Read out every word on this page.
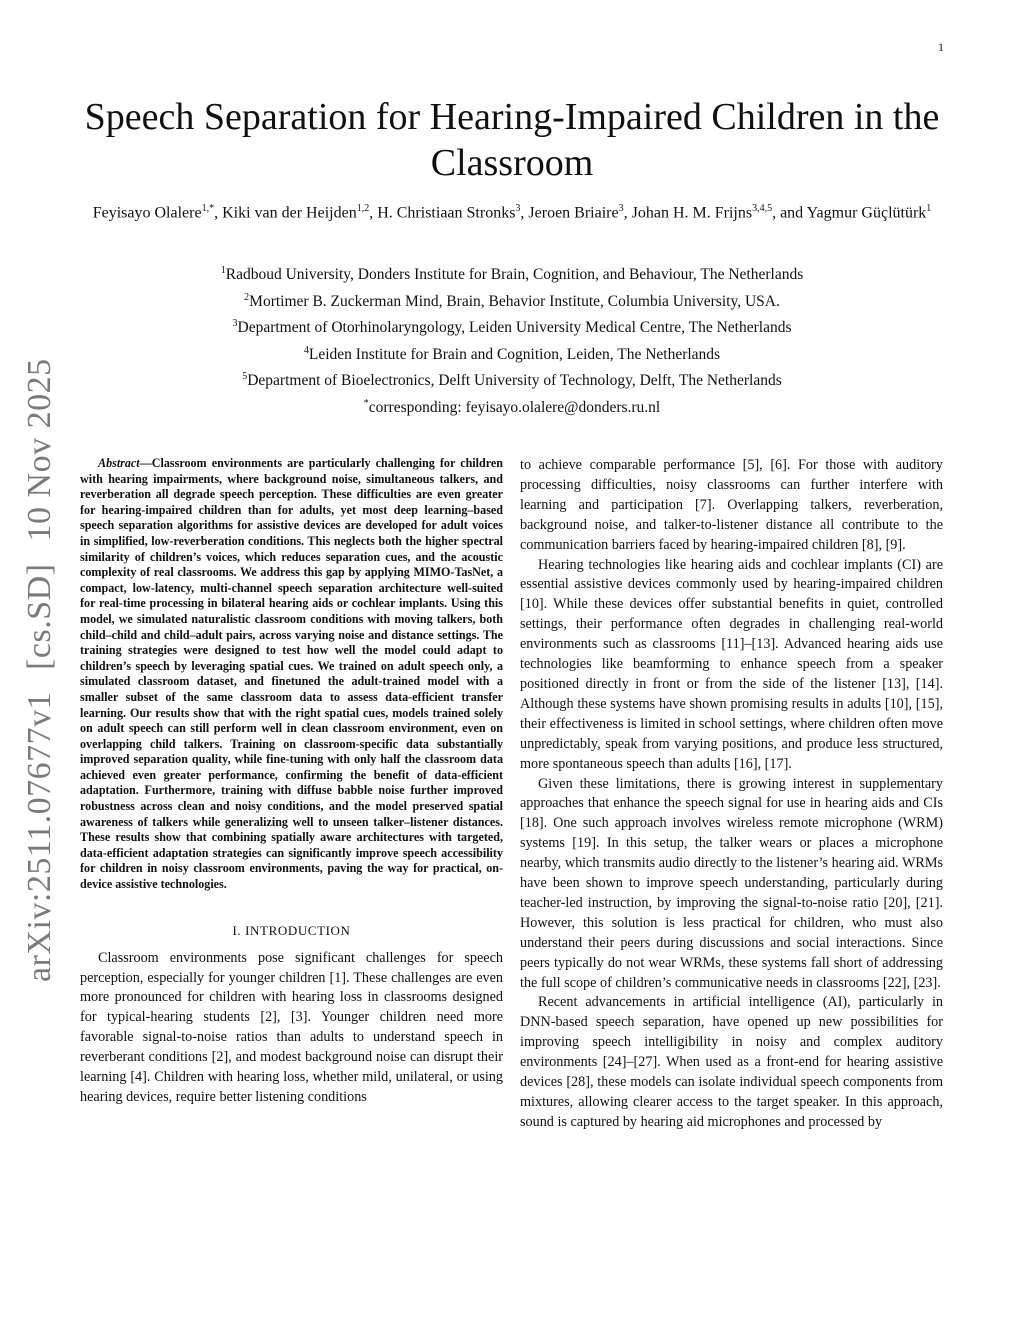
1
arXiv:2511.07677v1
[cs.SD]
10 Nov 2025
Speech Separation for Hearing-Impaired Children in the Classroom
Feyisayo Olalere$^{1,*}$, Kiki van der Heijden$^{1,2}$, H. Christiaan Stronks$^3$, Jeroen Briaire$^3$, Johan H. M. Frijns$^{3,4,5}$, and Yagmur Güçlütürk$^1$
$^1$Radboud University, Donders Institute for Brain, Cognition, and Behaviour, The Netherlands
$^2$Mortimer B. Zuckerman Mind, Brain, Behavior Institute, Columbia University, USA.
$^3$Department of Otorhinolaryngology, Leiden University Medical Centre, The Netherlands
$^4$Leiden Institute for Brain and Cognition, Leiden, The Netherlands
$^5$Department of Bioelectronics, Delft University of Technology, Delft, The Netherlands
*corresponding: feyisayo.olalere@donders.ru.nl

Abstract—Classroom environments are particularly challenging for children with hearing impairments, where background noise, simultaneous talkers, and reverberation all degrade speech perception. These difficulties are even greater for hearing-impaired children than for adults, yet most deep learning–based speech separation algorithms for assistive devices are developed for adult voices in simplified, low-reverberation conditions. This neglects both the higher spectral similarity of children’s voices, which reduces separation cues, and the acoustic complexity of real classrooms. We address this gap by applying MIMO-TasNet, a compact, low-latency, multi-channel speech separation architecture well-suited for real-time processing in bilateral hearing aids or cochlear implants. Using this model, we simulated naturalistic classroom conditions with moving talkers, both child–child and child–adult pairs, across varying noise and distance settings. The training strategies were designed to test how well the model could adapt to children’s speech by leveraging spatial cues. We trained on adult speech only, a simulated classroom dataset, and finetuned the adult-trained model with a smaller subset of the same classroom data to assess data-efficient transfer learning. Our results show that with the right spatial cues, models trained solely on adult speech can still perform well in clean classroom environment, even on overlapping child talkers. Training on classroom-specific data substantially improved separation quality, while fine-tuning with only half the classroom data achieved even greater performance, confirming the benefit of data-efficient adaptation. Furthermore, training with diffuse babble noise further improved robustness across clean and noisy conditions, and the model preserved spatial awareness of talkers while generalizing well to unseen talker–listener distances. These results show that combining spatially aware architectures with targeted, data-efficient adaptation strategies can significantly improve speech accessibility for children in noisy classroom environments, paving the way for practical, on-device assistive technologies.

I. INTRODUCTION

Classroom environments pose significant challenges for speech perception, especially for younger children [1]. These challenges are even more pronounced for children with hearing loss in classrooms designed for typical-hearing students [2], [3]. Younger children need more favorable signal-to-noise ratios than adults to understand speech in reverberant conditions [2], and modest background noise can disrupt their learning [4]. Children with hearing loss, whether mild, unilateral, or using hearing devices, require better listening conditions

to achieve comparable performance [5], [6]. For those with auditory processing difficulties, noisy classrooms can further interfere with learning and participation [7]. Overlapping talkers, reverberation, background noise, and talker-to-listener distance all contribute to the communication barriers faced by hearing-impaired children [8], [9].

Hearing technologies like hearing aids and cochlear implants (CI) are essential assistive devices commonly used by hearing-impaired children [10]. While these devices offer substantial benefits in quiet, controlled settings, their performance often degrades in challenging real-world environments such as classrooms [11]–[13]. Advanced hearing aids use technologies like beamforming to enhance speech from a speaker positioned directly in front or from the side of the listener [13], [14]. Although these systems have shown promising results in adults [10], [15], their effectiveness is limited in school settings, where children often move unpredictably, speak from varying positions, and produce less structured, more spontaneous speech than adults [16], [17].

Given these limitations, there is growing interest in supplementary approaches that enhance the speech signal for use in hearing aids and CIs [18]. One such approach involves wireless remote microphone (WRM) systems [19]. In this setup, the talker wears or places a microphone nearby, which transmits audio directly to the listener’s hearing aid. WRMs have been shown to improve speech understanding, particularly during teacher-led instruction, by improving the signal-to-noise ratio [20], [21]. However, this solution is less practical for children, who must also understand their peers during discussions and social interactions. Since peers typically do not wear WRMs, these systems fall short of addressing the full scope of children’s communicative needs in classrooms [22], [23].

Recent advancements in artificial intelligence (AI), particularly in DNN-based speech separation, have opened up new possibilities for improving speech intelligibility in noisy and complex auditory environments [24]–[27]. When used as a front-end for hearing assistive devices [28], these models can isolate individual speech components from mixtures, allowing clearer access to the target speaker. In this approach, sound is captured by hearing aid microphones and processed by
